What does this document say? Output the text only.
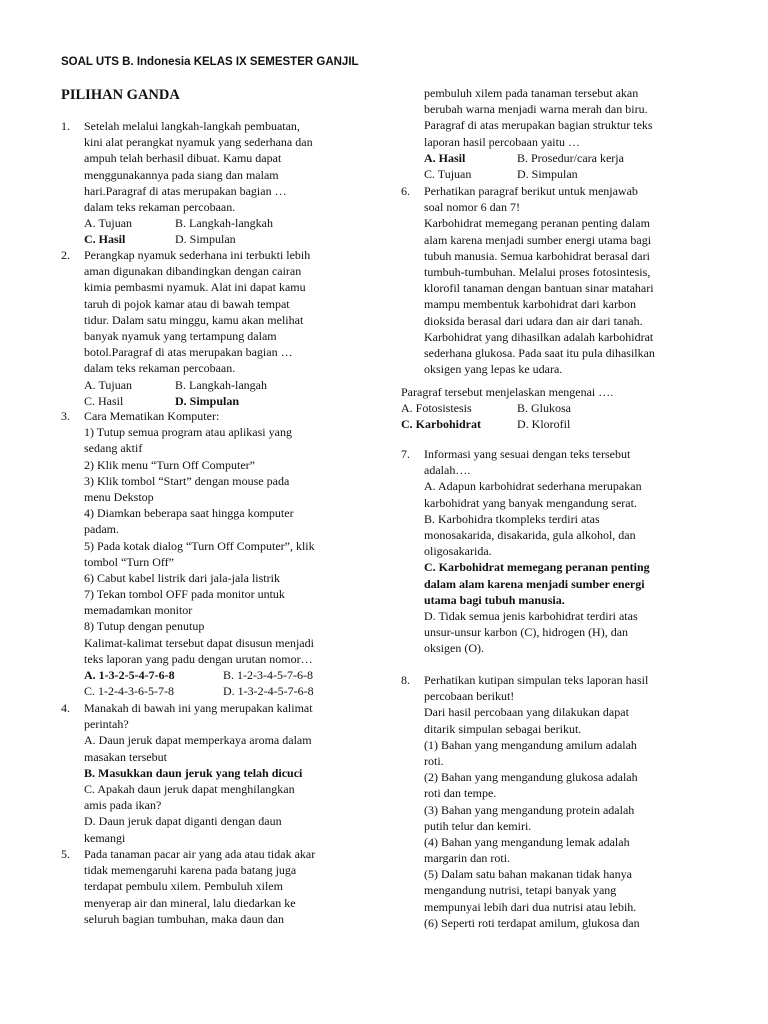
SOAL UTS B. Indonesia KELAS IX SEMESTER GANJIL
PILIHAN GANDA
1. Setelah melalui langkah-langkah pembuatan,
kini alat perangkat nyamuk yang sederhana dan
ampuh telah berhasil dibuat. Kamu dapat
menggunakannya pada siang dan malam
hari.Paragraf di atas merupakan bagian …
dalam teks rekaman percobaan.
A. Tujuan	B. Langkah-langkah
C. Hasil	D. Simpulan
2. Perangkap nyamuk sederhana ini terbukti lebih
aman digunakan dibandingkan dengan cairan
kimia pembasmi nyamuk. Alat ini dapat kamu
taruh di pojok kamar atau di bawah tempat
tidur. Dalam satu minggu, kamu akan melihat
banyak nyamuk yang tertampung dalam
botol.Paragraf di atas merupakan bagian …
dalam teks rekaman percobaan.
A. Tujuan	B. Langkah-langah
C. Hasil	D. Simpulan
3. Cara Mematikan Komputer:
1) Tutup semua program atau aplikasi yang
sedang aktif
2) Klik menu “Turn Off Computer”
3) Klik tombol “Start” dengan mouse pada
menu Dekstop
4) Diamkan beberapa saat hingga komputer
padam.
5) Pada kotak dialog “Turn Off Computer”, klik
tombol “Turn Off”
6) Cabut kabel listrik dari jala-jala listrik
7) Tekan tombol OFF pada monitor untuk
memadamkan monitor
8) Tutup dengan penutup
Kalimat-kalimat tersebut dapat disusun menjadi
teks laporan yang padu dengan urutan nomor…
A. 1-3-2-5-4-7-6-8	B. 1-2-3-4-5-7-6-8
C. 1-2-4-3-6-5-7-8	D. 1-3-2-4-5-7-6-8
4. Manakah di bawah ini yang merupakan kalimat
perintah?
A. Daun jeruk dapat memperkaya aroma dalam
masakan tersebut
B. Masukkan daun jeruk yang telah dicuci
C. Apakah daun jeruk dapat menghilangkan
amis pada ikan?
D. Daun jeruk dapat diganti dengan daun
kemangi
5. Pada tanaman pacar air yang ada atau tidak akar
tidak memengaruhi karena pada batang juga
terdapat pembulu xilem. Pembuluh xilem
menyerap air dan mineral, lalu diedarkan ke
seluruh bagian tumbuhan, maka daun dan
pembuluh xilem pada tanaman tersebut akan
berubah warna menjadi warna merah dan biru.
Paragraf di atas merupakan bagian struktur teks
laporan hasil percobaan yaitu …
A. Hasil	B. Prosedur/cara kerja
C. Tujuan	D. Simpulan
6. Perhatikan paragraf berikut untuk menjawab
soal nomor 6 dan 7!
Karbohidrat memegang peranan penting dalam
alam karena menjadi sumber energi utama bagi
tubuh manusia. Semua karbohidrat berasal dari
tumbuh-tumbuhan. Melalui proses fotosintesis,
klorofil tanaman dengan bantuan sinar matahari
mampu membentuk karbohidrat dari karbon
dioksida berasal dari udara dan air dari tanah.
Karbohidrat yang dihasilkan adalah karbohidrat
sederhana glukosa. Pada saat itu pula dihasilkan
oksigen yang lepas ke udara.
Paragraf tersebut menjelaskan mengenai ….
A. Fotosistesis	B. Glukosa
C. Karbohidrat	D. Klorofil
7. Informasi yang sesuai dengan teks tersebut
adalah….
A. Adapun karbohidrat sederhana merupakan
karbohidrat yang banyak mengandung serat.
B. Karbohidra tkompleks terdiri atas
monosakarida, disakarida, gula alkohol, dan
oligosakarida.
C. Karbohidrat memegang peranan penting
dalam alam karena menjadi sumber energi
utama bagi tubuh manusia.
D. Tidak semua jenis karbohidrat terdiri atas
unsur-unsur karbon (C), hidrogen (H), dan
oksigen (O).
8. Perhatikan kutipan simpulan teks laporan hasil
percobaan berikut!
Dari hasil percobaan yang dilakukan dapat
ditarik simpulan sebagai berikut.
(1) Bahan yang mengandung amilum adalah
roti.
(2) Bahan yang mengandung glukosa adalah
roti dan tempe.
(3) Bahan yang mengandung protein adalah
putih telur dan kemiri.
(4) Bahan yang mengandung lemak adalah
margarin dan roti.
(5) Dalam satu bahan makanan tidak hanya
mengandung nutrisi, tetapi banyak yang
mempunyai lebih dari dua nutrisi atau lebih.
(6) Seperti roti terdapat amilum, glukosa dan
